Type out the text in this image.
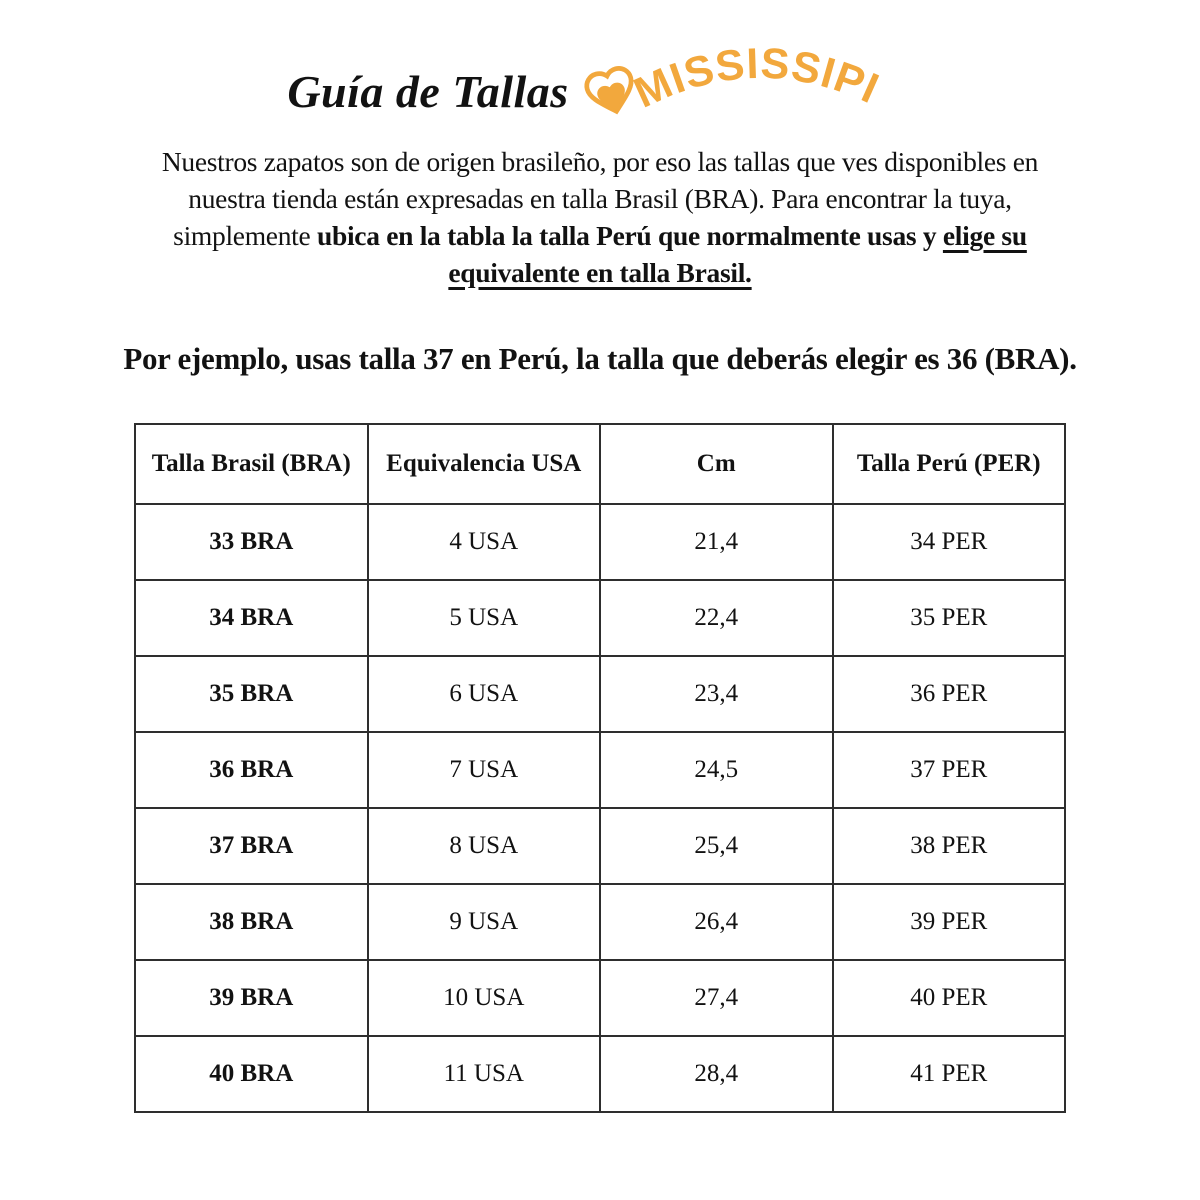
Guía de Tallas MISSISSIPI
Nuestros zapatos son de origen brasileño, por eso las tallas que ves disponibles en
nuestra tienda están expresadas en talla Brasil (BRA). Para encontrar la tuya,
simplemente ubica en la tabla la talla Perú que normalmente usas y elige su
equivalente en talla Brasil.
Por ejemplo, usas talla 37 en Perú, la talla que deberás elegir es 36 (BRA).
Talla Brasil (BRA)	Equivalencia USA	Cm	Talla Perú (PER)
33 BRA	4 USA	21,4	34 PER
34 BRA	5 USA	22,4	35 PER
35 BRA	6 USA	23,4	36 PER
36 BRA	7 USA	24,5	37 PER
37 BRA	8 USA	25,4	38 PER
38 BRA	9 USA	26,4	39 PER
39 BRA	10 USA	27,4	40 PER
40 BRA	11 USA	28,4	41 PER
